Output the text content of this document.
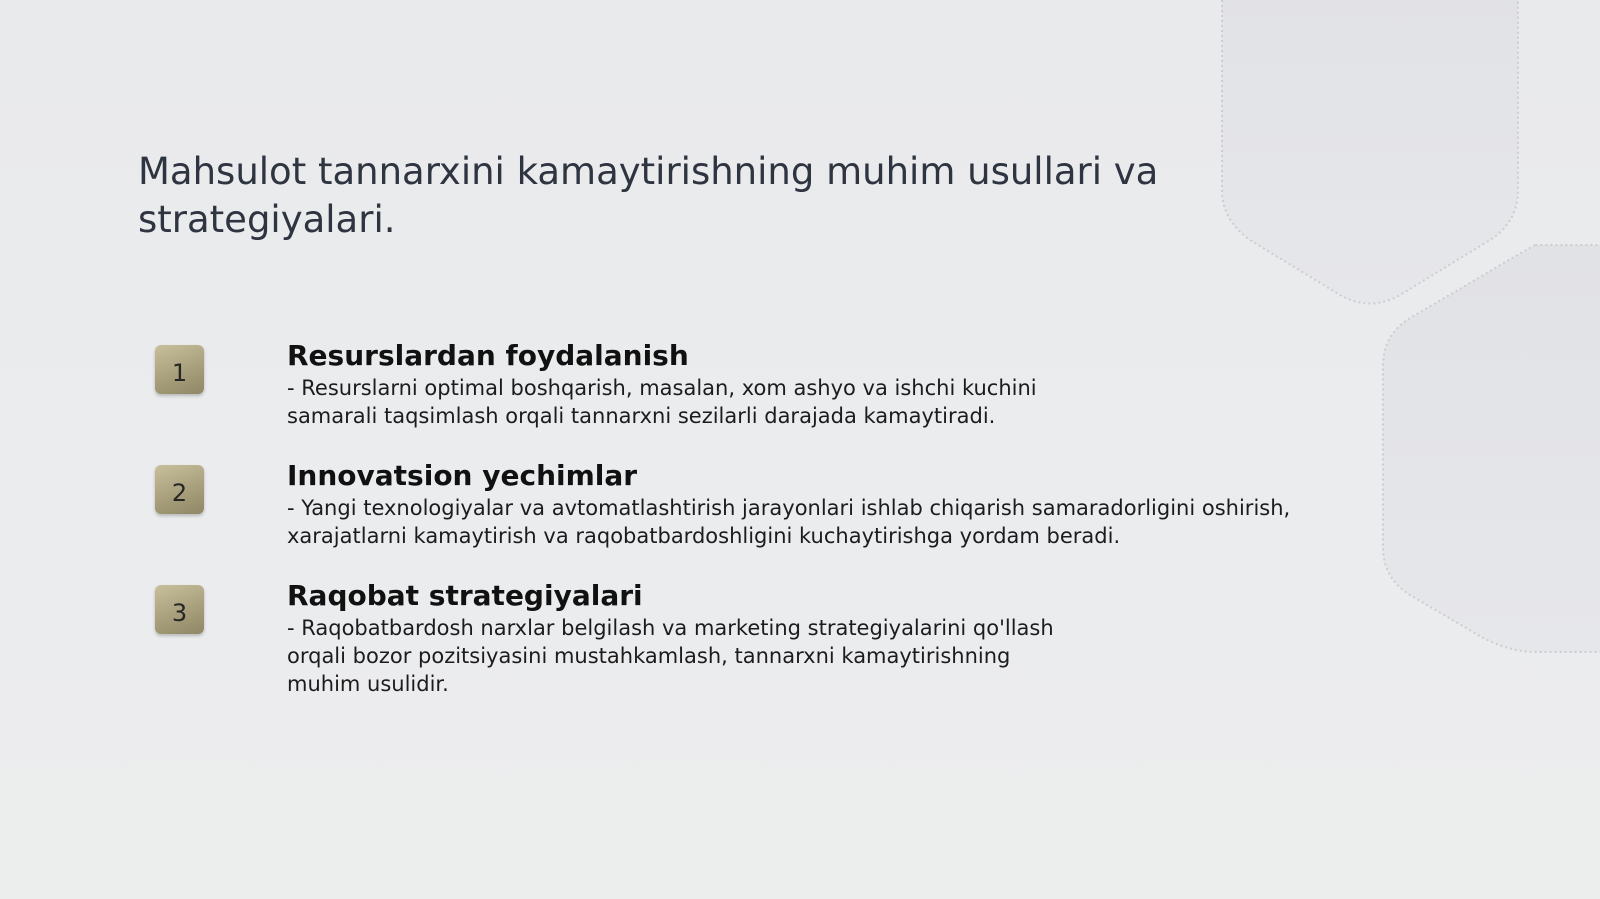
Mahsulot tannarxini kamaytirishning muhim usullari va strategiyalari.
1

Resurslardan foydalanish

- Resurslarni optimal boshqarish, masalan, xom ashyo va ishchi kuchini
samarali taqsimlash orqali tannarxni sezilarli darajada kamaytiradi.

2

Innovatsion yechimlar

- Yangi texnologiyalar va avtomatlashtirish jarayonlari ishlab chiqarish samaradorligini oshirish,
xarajatlarni kamaytirish va raqobatbardoshligini kuchaytirishga yordam beradi.

3

Raqobat strategiyalari

- Raqobatbardosh narxlar belgilash va marketing strategiyalarini qo'llash
orqali bozor pozitsiyasini mustahkamlash, tannarxni kamaytirishning
muhim usulidir.
